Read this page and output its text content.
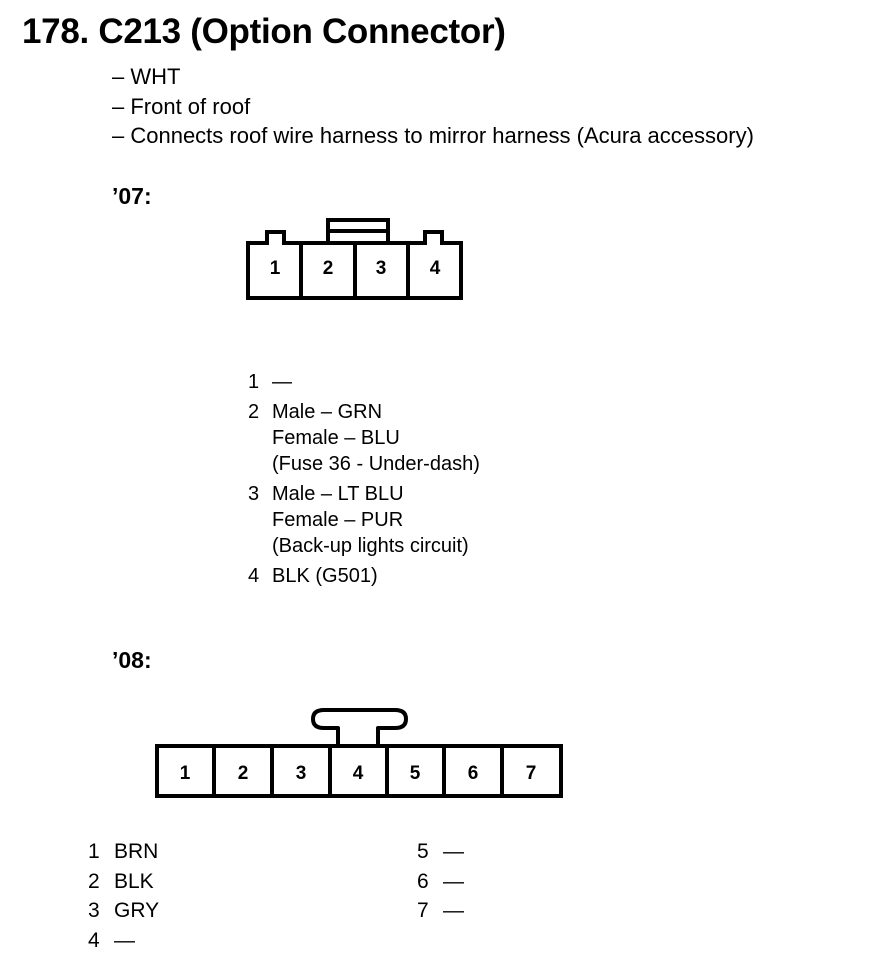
178. C213 (Option Connector)
– WHT
– Front of roof
– Connects roof wire harness to mirror harness (Acura accessory)
’07:
1 2 3 4
1 —
2 Male – GRN
Female – BLU
(Fuse 36 - Under-dash)
3 Male – LT BLU
Female – PUR
(Back-up lights circuit)
4 BLK (G501)
’08:
1 2 3 4 5 6 7
1 BRN
2 BLK
3 GRY
4 —
5 —
6 —
7 —
